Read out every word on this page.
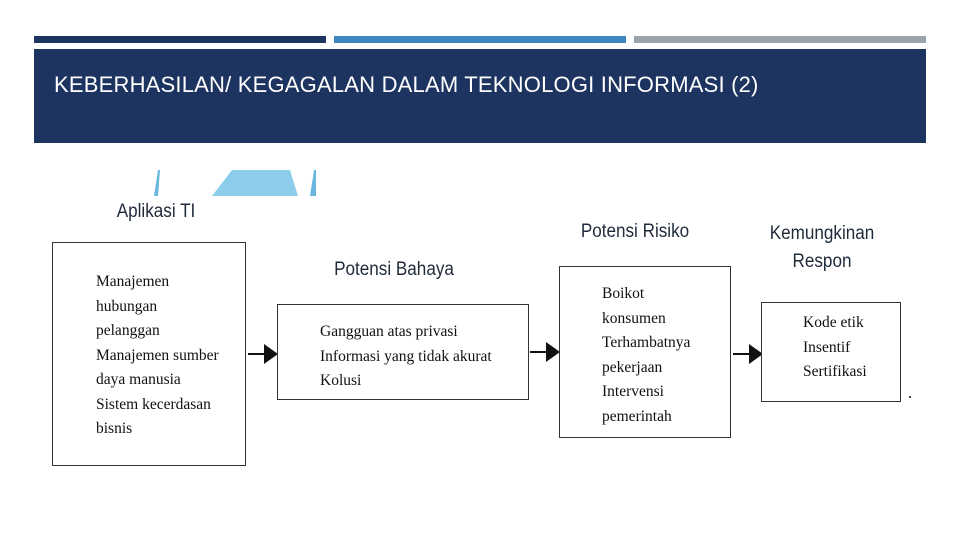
KEBERHASILAN/ KEGAGALAN DALAM TEKNOLOGI INFORMASI (2)
Aplikasi TI
Manajemen
hubungan
pelanggan
Manajemen sumber
daya manusia
Sistem kecerdasan
bisnis
Potensi Bahaya
Gangguan atas privasi
Informasi yang tidak akurat
Kolusi
Potensi Risiko
Boikot
konsumen
Terhambatnya
pekerjaan
Intervensi
pemerintah
Kemungkinan
Respon
Kode etik
Insentif
Sertifikasi
